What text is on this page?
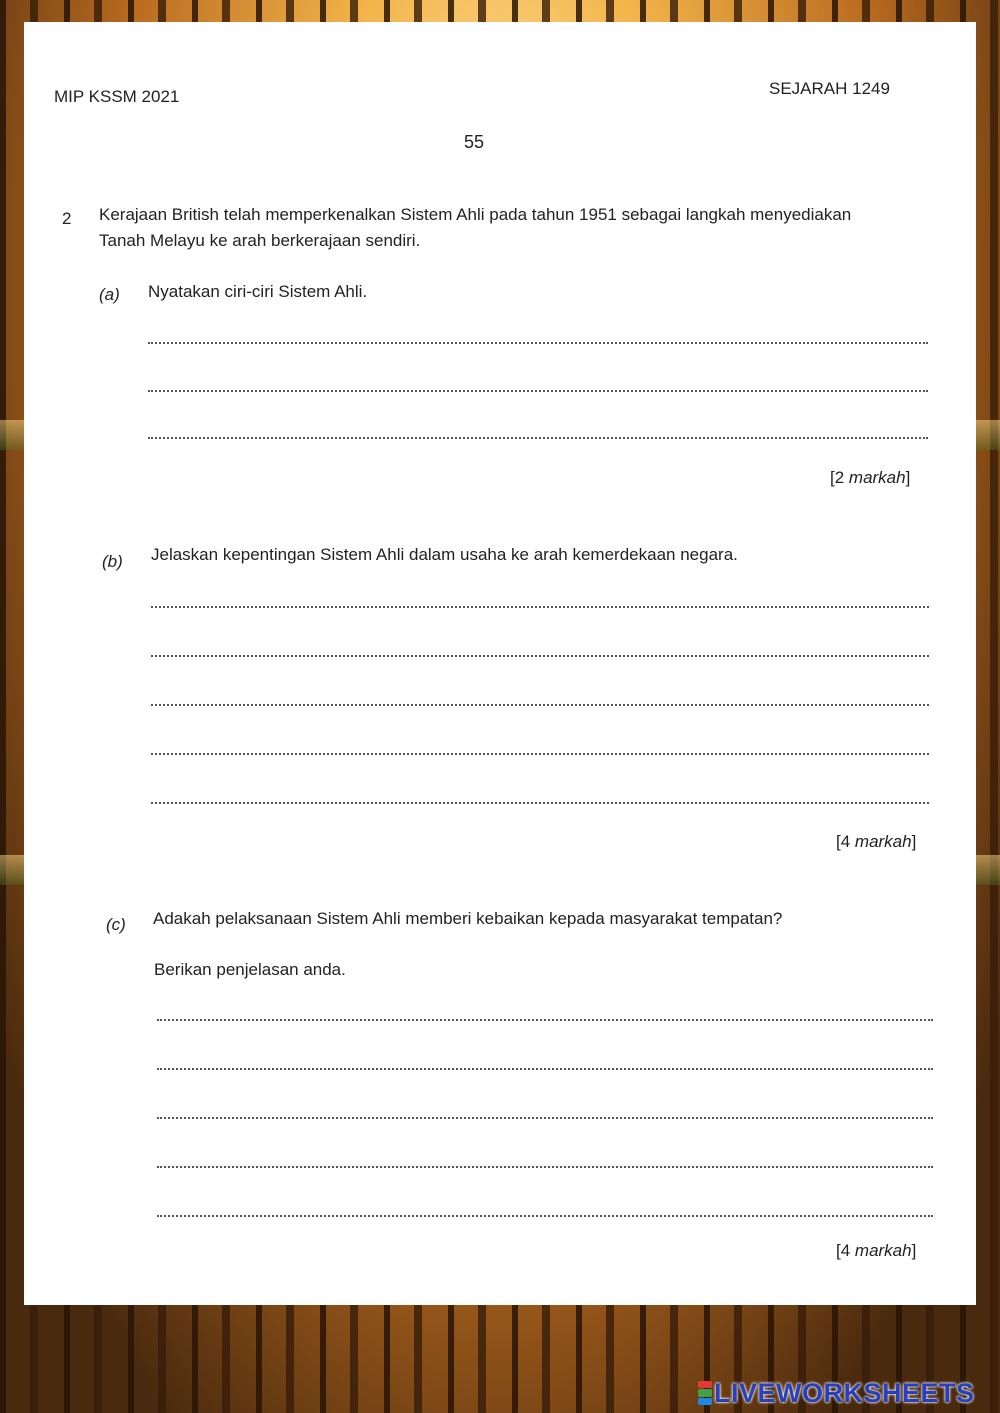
MIP KSSM 2021	SEJARAH 1249
55
2 Kerajaan British telah memperkenalkan Sistem Ahli pada tahun 1951 sebagai langkah menyediakan Tanah Melayu ke arah berkerajaan sendiri.
(a) Nyatakan ciri-ciri Sistem Ahli.
[2 markah]
(b) Jelaskan kepentingan Sistem Ahli dalam usaha ke arah kemerdekaan negara.
[4 markah]
(c) Adakah pelaksanaan Sistem Ahli memberi kebaikan kepada masyarakat tempatan?
Berikan penjelasan anda.
[4 markah]
LIVEWORKSHEETS
